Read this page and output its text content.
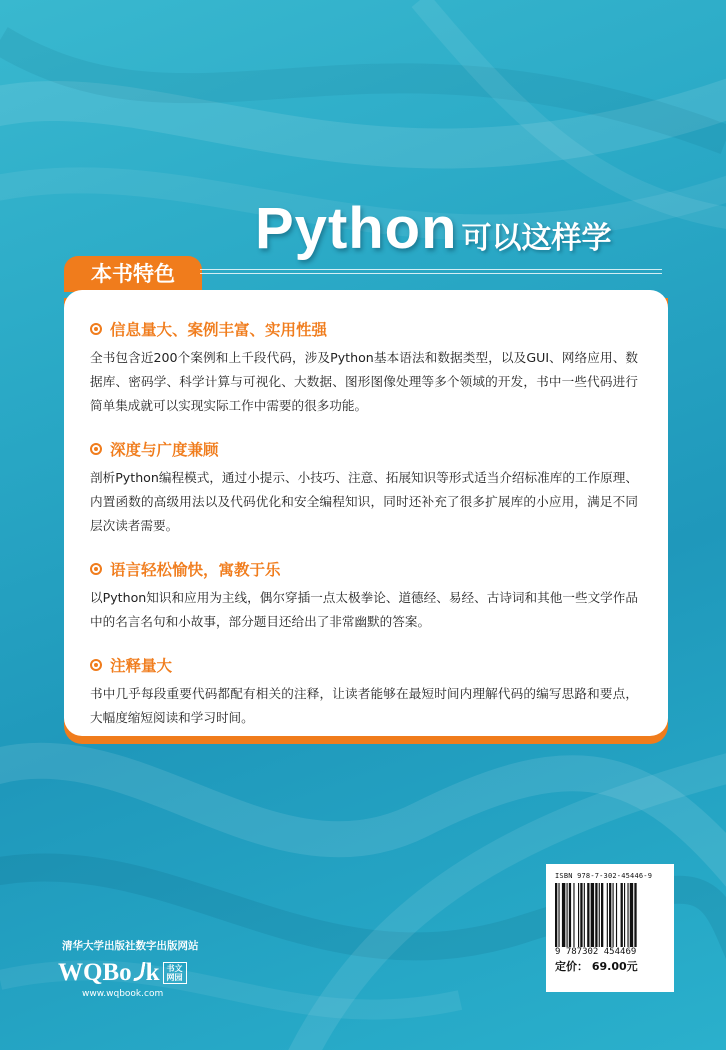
Python 可以这样学
本书特色
信息量大、案例丰富、实用性强
全书包含近200个案例和上千段代码，涉及Python基本语法和数据类型，以及GUI、网络应用、数据库、密码学、科学计算与可视化、大数据、图形图像处理等多个领域的开发，书中一些代码进行简单集成就可以实现实际工作中需要的很多功能。
深度与广度兼顾
剖析Python编程模式，通过小提示、小技巧、注意、拓展知识等形式适当介绍标准库的工作原理、内置函数的高级用法以及代码优化和安全编程知识，同时还补充了很多扩展库的小应用，满足不同层次读者需要。
语言轻松愉快，寓教于乐
以Python知识和应用为主线，偶尔穿插一点太极拳论、道德经、易经、古诗词和其他一些文学作品中的名言名句和小故事，部分题目还给出了非常幽默的答案。
注释量大
书中几乎每段重要代码都配有相关的注释，让读者能够在最短时间内理解代码的编写思路和要点，大幅度缩短阅读和学习时间。
清华大学出版社数字出版网站
WQBo k 书文网园
www.wqbook.com
ISBN 978-7-302-45446-9
9 787302 454469
定价： 69.00元
